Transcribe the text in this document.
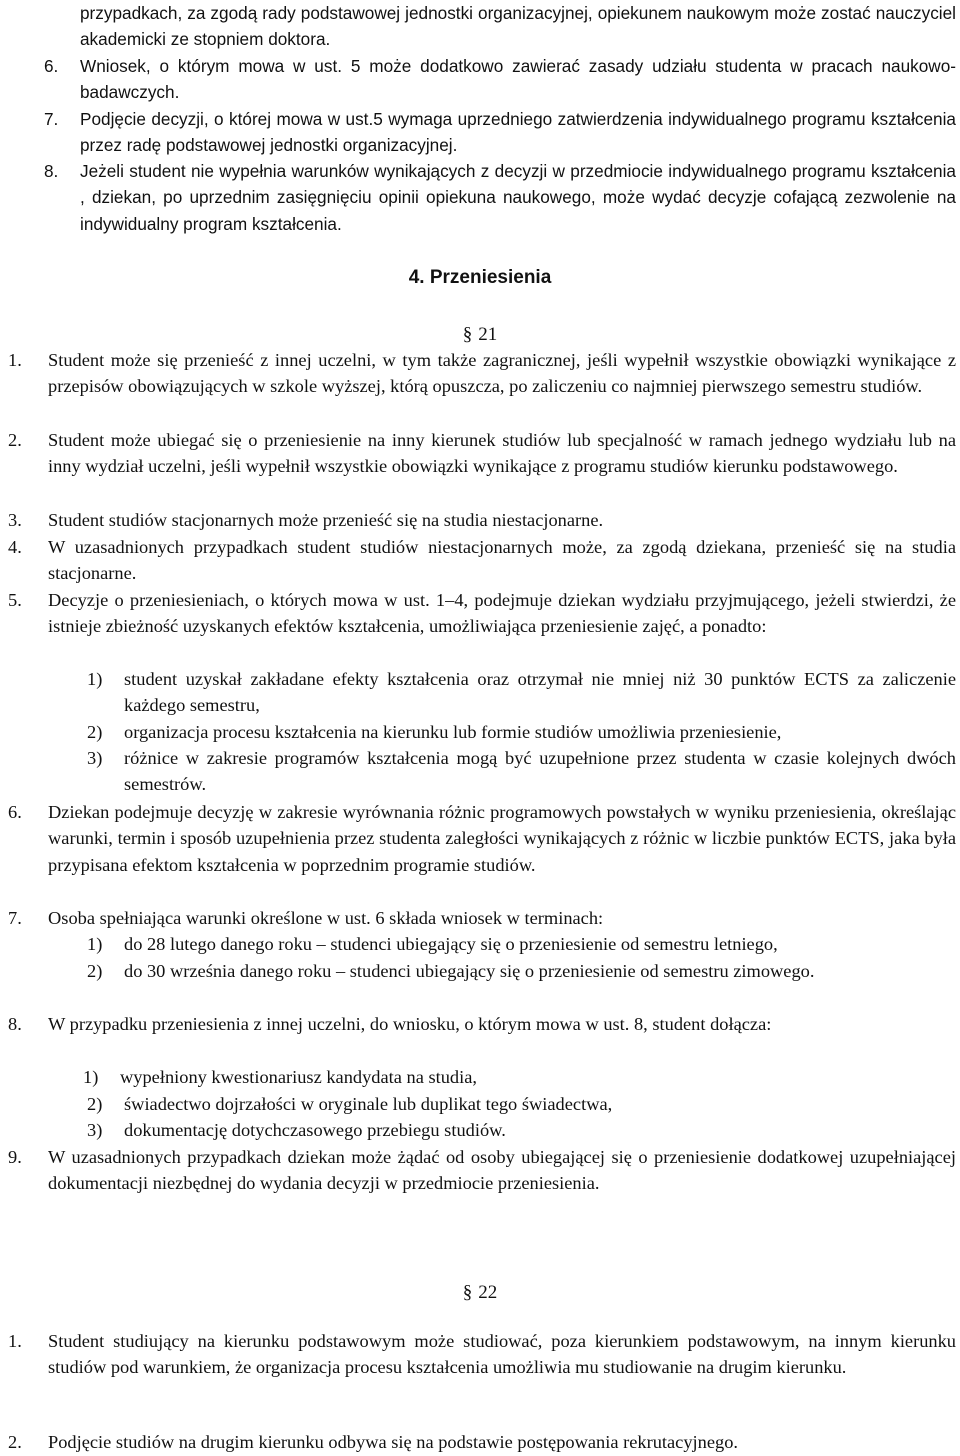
przypadkach, za zgodą rady podstawowej jednostki organizacyjnej, opiekunem naukowym może zostać nauczyciel akademicki ze stopniem doktora.
6. Wniosek, o którym mowa w ust. 5 może dodatkowo zawierać zasady udziału studenta w pracach naukowo-badawczych.
7. Podjęcie decyzji, o której mowa w ust.5 wymaga uprzedniego zatwierdzenia indywidualnego programu kształcenia przez radę podstawowej jednostki organizacyjnej.
8. Jeżeli student nie wypełnia warunków wynikających z decyzji w przedmiocie indywidualnego programu kształcenia , dziekan, po uprzednim zasięgnięciu opinii opiekuna naukowego, może wydać decyzje cofającą zezwolenie na indywidualny program kształcenia.
4. Przeniesienia
§ 21
1. Student może się przenieść z innej uczelni, w tym także zagranicznej, jeśli wypełnił wszystkie obowiązki wynikające z przepisów obowiązujących w szkole wyższej, którą opuszcza, po zaliczeniu co najmniej pierwszego semestru studiów.
2. Student może ubiegać się o przeniesienie na inny kierunek studiów lub specjalność w ramach jednego wydziału lub na inny wydział uczelni, jeśli wypełnił wszystkie obowiązki wynikające z programu studiów kierunku podstawowego.
3. Student studiów stacjonarnych może przenieść się na studia niestacjonarne.
4. W uzasadnionych przypadkach student studiów niestacjonarnych może, za zgodą dziekana, przenieść się na studia stacjonarne.
5. Decyzje o przeniesieniach, o których mowa w ust. 1–4, podejmuje dziekan wydziału przyjmującego, jeżeli stwierdzi, że istnieje zbieżność uzyskanych efektów kształcenia, umożliwiająca przeniesienie zajęć, a ponadto:
1) student uzyskał zakładane efekty kształcenia oraz otrzymał nie mniej niż 30 punktów ECTS za zaliczenie każdego semestru,
2) organizacja procesu kształcenia na kierunku lub formie studiów umożliwia przeniesienie,
3) różnice w zakresie programów kształcenia mogą być uzupełnione przez studenta w czasie kolejnych dwóch semestrów.
6. Dziekan podejmuje decyzję w zakresie wyrównania różnic programowych powstałych w wyniku przeniesienia, określając warunki, termin i sposób uzupełnienia przez studenta zaległości wynikających z różnic w liczbie punktów ECTS, jaka była przypisana efektom kształcenia w poprzednim programie studiów.
7. Osoba spełniająca warunki określone w ust. 6 składa wniosek w terminach:
1) do 28 lutego danego roku – studenci ubiegający się o przeniesienie od semestru letniego,
2) do 30 września danego roku – studenci ubiegający się o przeniesienie od semestru zimowego.
8. W przypadku przeniesienia z innej uczelni, do wniosku, o którym mowa w ust. 8, student dołącza:
1) wypełniony kwestionariusz kandydata na studia,
2) świadectwo dojrzałości w oryginale lub duplikat tego świadectwa,
3) dokumentację dotychczasowego przebiegu studiów.
9. W uzasadnionych przypadkach dziekan może żądać od osoby ubiegającej się o przeniesienie dodatkowej uzupełniającej dokumentacji niezbędnej do wydania decyzji w przedmiocie przeniesienia.
§ 22
1. Student studiujący na kierunku podstawowym może studiować, poza kierunkiem podstawowym, na innym kierunku studiów pod warunkiem, że organizacja procesu kształcenia umożliwia mu studiowanie na drugim kierunku.
2. Podjęcie studiów na drugim kierunku odbywa się na podstawie postępowania rekrutacyjnego.
